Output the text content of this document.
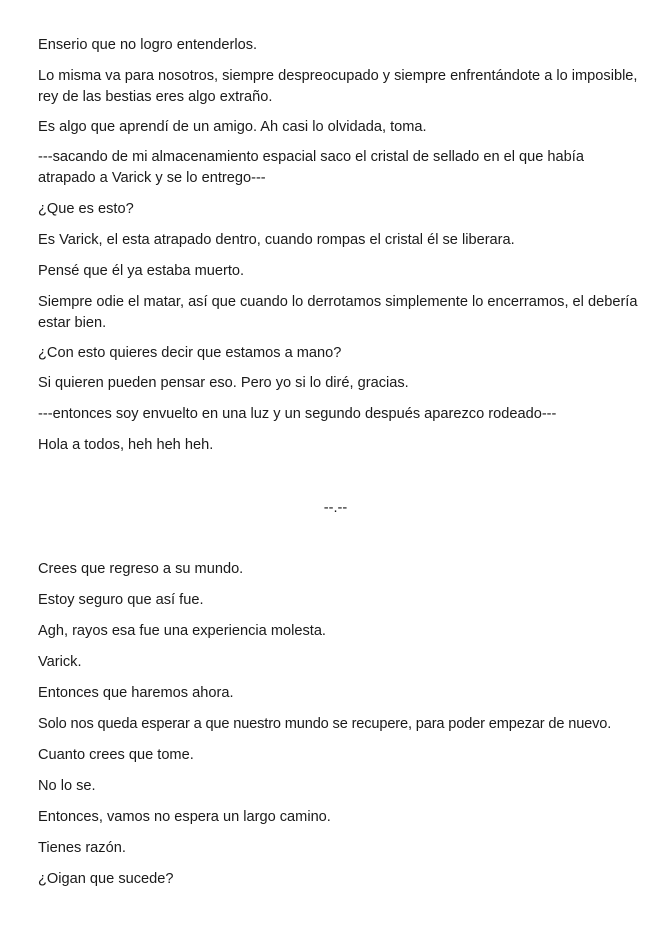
Enserio que no logro entenderlos.

Lo misma va para nosotros, siempre despreocupado y siempre enfrentándote a lo imposible, rey de las bestias eres algo extraño.

Es algo que aprendí de un amigo. Ah casi lo olvidada, toma.

---sacando de mi almacenamiento espacial saco el cristal de sellado en el que había atrapado a Varick y se lo entrego---

¿Que es esto?

Es Varick, el esta atrapado dentro, cuando rompas el cristal él se liberara.

Pensé que él ya estaba muerto.

Siempre odie el matar, así que cuando lo derrotamos simplemente lo encerramos, el debería estar bien.

¿Con esto quieres decir que estamos a mano?

Si quieren pueden pensar eso. Pero yo si lo diré, gracias.

---entonces soy envuelto en una luz y un segundo después aparezco rodeado---

Hola a todos, heh heh heh.

--.--

Crees que regreso a su mundo.

Estoy seguro que así fue.

Agh, rayos esa fue una experiencia molesta.

Varick.

Entonces que haremos ahora.

Solo nos queda esperar a que nuestro mundo se recupere, para poder empezar de nuevo.

Cuanto crees que tome.

No lo se.

Entonces, vamos no espera un largo camino.

Tienes razón.

¿Oigan que sucede?
